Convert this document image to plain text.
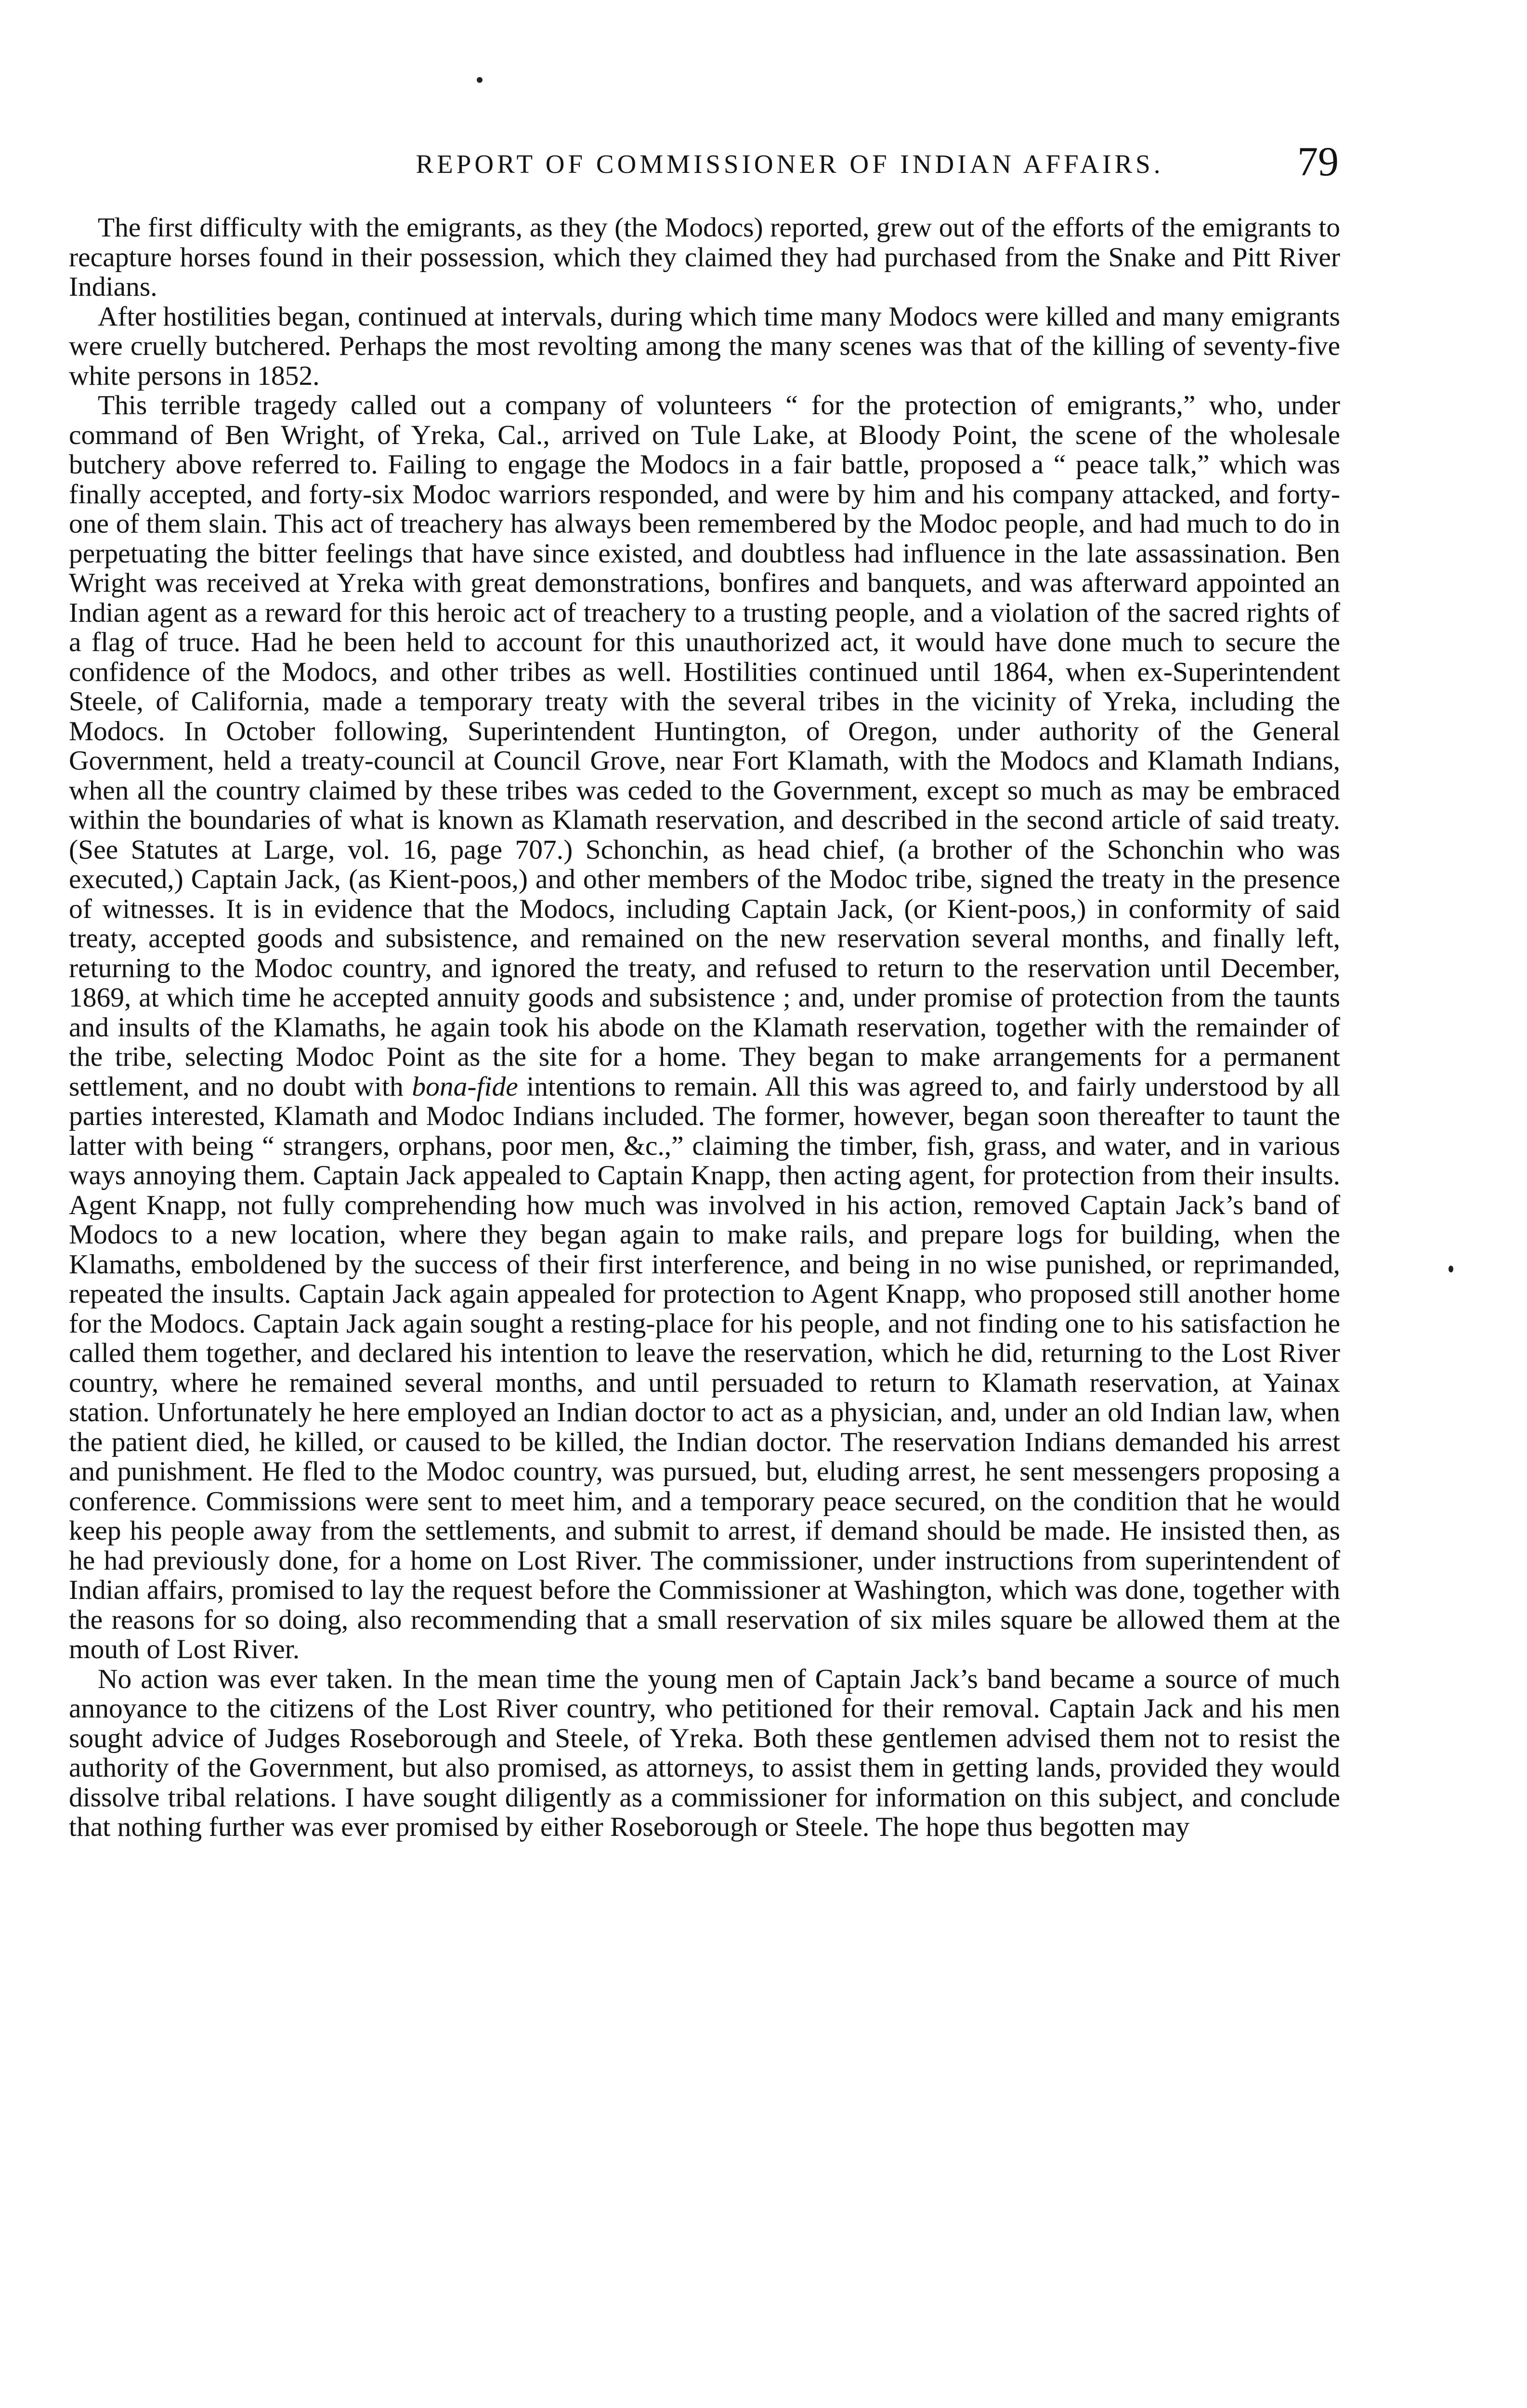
REPORT OF COMMISSIONER OF INDIAN AFFAIRS.	79

The first difficulty with the emigrants, as they (the Modocs) reported, grew out of the efforts of the emigrants to recapture horses found in their possession, which they claimed they had purchased from the Snake and Pitt River Indians.

After hostilities began, continued at intervals, during which time many Modocs were killed and many emigrants were cruelly butchered. Perhaps the most revolting among the many scenes was that of the killing of seventy-five white persons in 1852.

This terrible tragedy called out a company of volunteers “ for the protection of emigrants,” who, under command of Ben Wright, of Yreka, Cal., arrived on Tule Lake, at Bloody Point, the scene of the wholesale butchery above referred to. Failing to engage the Modocs in a fair battle, proposed a “ peace talk,” which was finally accepted, and forty-six Modoc warriors responded, and were by him and his company attacked, and forty-one of them slain. This act of treachery has always been remembered by the Modoc people, and had much to do in perpetuating the bitter feelings that have since existed, and doubtless had influence in the late assassination. Ben Wright was received at Yreka with great demonstrations, bonfires and banquets, and was afterward appointed an Indian agent as a reward for this heroic act of treachery to a trusting people, and a violation of the sacred rights of a flag of truce. Had he been held to account for this unauthorized act, it would have done much to secure the confidence of the Modocs, and other tribes as well. Hostilities continued until 1864, when ex-Superintendent Steele, of California, made a temporary treaty with the several tribes in the vicinity of Yreka, including the Modocs. In October following, Superintendent Huntington, of Oregon, under authority of the General Government, held a treaty-council at Council Grove, near Fort Klamath, with the Modocs and Klamath Indians, when all the country claimed by these tribes was ceded to the Government, except so much as may be embraced within the boundaries of what is known as Klamath reservation, and described in the second article of said treaty. (See Statutes at Large, vol. 16, page 707.) Schonchin, as head chief, (a brother of the Schonchin who was executed,) Captain Jack, (as Kient-poos,) and other members of the Modoc tribe, signed the treaty in the presence of witnesses. It is in evidence that the Modocs, including Captain Jack, (or Kient-poos,) in conformity of said treaty, accepted goods and subsistence, and remained on the new reservation several months, and finally left, returning to the Modoc country, and ignored the treaty, and refused to return to the reservation until December, 1869, at which time he accepted annuity goods and subsistence ; and, under promise of protection from the taunts and insults of the Klamaths, he again took his abode on the Klamath reservation, together with the remainder of the tribe, selecting Modoc Point as the site for a home. They began to make arrangements for a permanent settlement, and no doubt with bona-fide intentions to remain. All this was agreed to, and fairly understood by all parties interested, Klamath and Modoc Indians included. The former, however, began soon thereafter to taunt the latter with being “ strangers, orphans, poor men, &c.,” claiming the timber, fish, grass, and water, and in various ways annoying them. Captain Jack appealed to Captain Knapp, then acting agent, for protection from their insults. Agent Knapp, not fully comprehending how much was involved in his action, removed Captain Jack’s band of Modocs to a new location, where they began again to make rails, and prepare logs for building, when the Klamaths, emboldened by the success of their first interference, and being in no wise punished, or reprimanded, repeated the insults. Captain Jack again appealed for protection to Agent Knapp, who proposed still another home for the Modocs. Captain Jack again sought a resting-place for his people, and not finding one to his satisfaction he called them together, and declared his intention to leave the reservation, which he did, returning to the Lost River country, where he remained several months, and until persuaded to return to Klamath reservation, at Yainax station. Unfortunately he here employed an Indian doctor to act as a physician, and, under an old Indian law, when the patient died, he killed, or caused to be killed, the Indian doctor. The reservation Indians demanded his arrest and punishment. He fled to the Modoc country, was pursued, but, eluding arrest, he sent messengers proposing a conference. Commissions were sent to meet him, and a temporary peace secured, on the condition that he would keep his people away from the settlements, and submit to arrest, if demand should be made. He insisted then, as he had previously done, for a home on Lost River. The commissioner, under instructions from superintendent of Indian affairs, promised to lay the request before the Commissioner at Washington, which was done, together with the reasons for so doing, also recommending that a small reservation of six miles square be allowed them at the mouth of Lost River.

No action was ever taken. In the mean time the young men of Captain Jack’s band became a source of much annoyance to the citizens of the Lost River country, who petitioned for their removal. Captain Jack and his men sought advice of Judges Roseborough and Steele, of Yreka. Both these gentlemen advised them not to resist the authority of the Government, but also promised, as attorneys, to assist them in getting lands, provided they would dissolve tribal relations. I have sought diligently as a commissioner for information on this subject, and conclude that nothing further was ever promised by either Roseborough or Steele. The hope thus begotten may
